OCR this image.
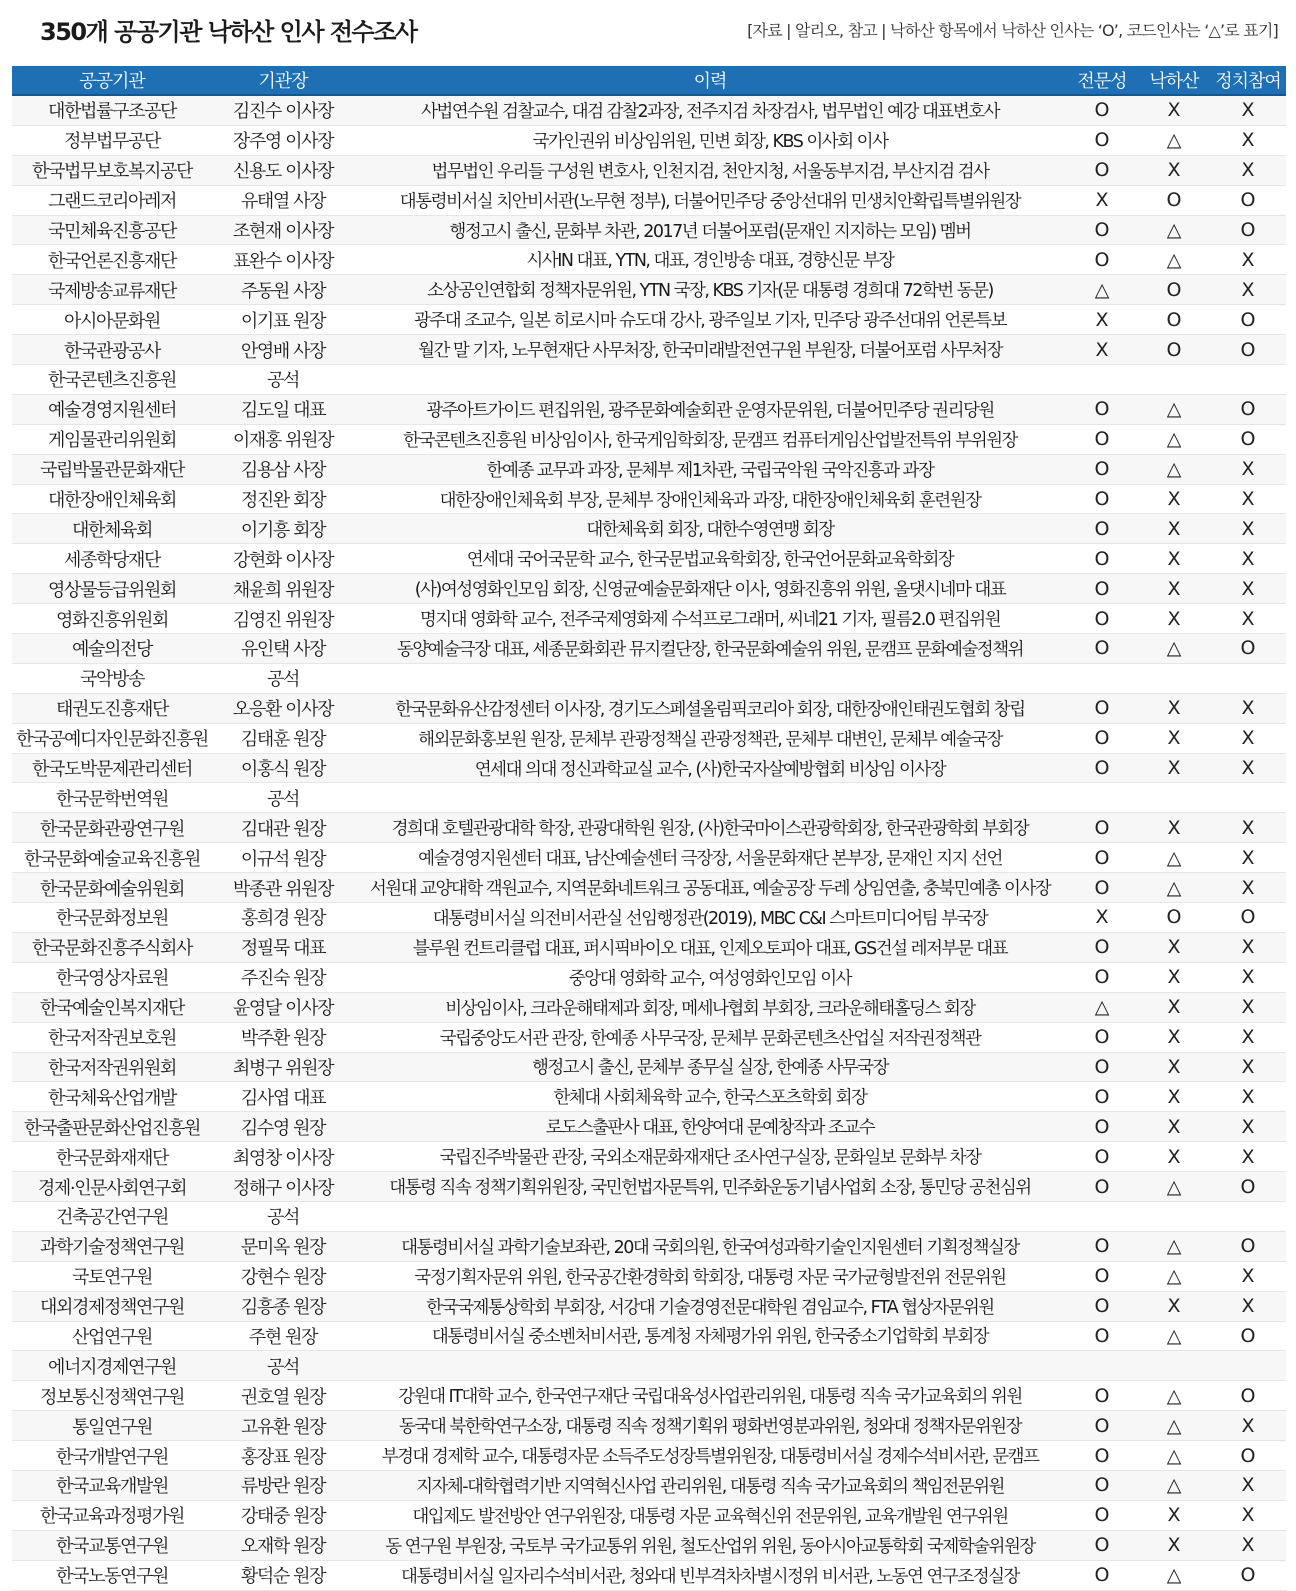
350개 공공기관 낙하산 인사 전수조사	[자료 | 알리오, 참고 | 낙하산 항목에서 낙하산 인사는 ‘O’, 코드인사는 ‘△’로 표기]
공공기관	기관장	이력	전문성	낙하산	정치참여
대한법률구조공단	김진수 이사장	사법연수원 검찰교수, 대검 감찰2과장, 전주지검 차장검사, 법무법인 예강 대표변호사	O	X	X
정부법무공단	장주영 이사장	국가인권위 비상임위원, 민변 회장, KBS 이사회 이사	O	△	X
한국법무보호복지공단	신용도 이사장	법무법인 우리들 구성원 변호사, 인천지검, 천안지청, 서울동부지검, 부산지검 검사	O	X	X
그랜드코리아레저	유태열 사장	대통령비서실 치안비서관(노무현 정부), 더불어민주당 중앙선대위 민생치안확립특별위원장	X	O	O
국민체육진흥공단	조현재 이사장	행정고시 출신, 문화부 차관, 2017년 더불어포럼(문재인 지지하는 모임) 멤버	O	△	O
한국언론진흥재단	표완수 이사장	시사IN 대표, YTN, 대표, 경인방송 대표, 경향신문 부장	O	△	X
국제방송교류재단	주동원 사장	소상공인연합회 정책자문위원, YTN 국장, KBS 기자(문 대통령 경희대 72학번 동문)	△	O	X
아시아문화원	이기표 원장	광주대 조교수, 일본 히로시마 슈도대 강사, 광주일보 기자, 민주당 광주선대위 언론특보	X	O	O
한국관광공사	안영배 사장	월간 말 기자, 노무현재단 사무처장, 한국미래발전연구원 부원장, 더불어포럼 사무처장	X	O	O
한국콘텐츠진흥원	공석				
예술경영지원센터	김도일 대표	광주아트가이드 편집위원, 광주문화예술회관 운영자문위원, 더불어민주당 권리당원	O	△	O
게임물관리위원회	이재홍 위원장	한국콘텐츠진흥원 비상임이사, 한국게임학회장, 문캠프 컴퓨터게임산업발전특위 부위원장	O	△	O
국립박물관문화재단	김용삼 사장	한예종 교무과 과장, 문체부 제1차관, 국립국악원 국악진흥과 과장	O	△	X
대한장애인체육회	정진완 회장	대한장애인체육회 부장, 문체부 장애인체육과 과장, 대한장애인체육회 훈련원장	O	X	X
대한체육회	이기흥 회장	대한체육회 회장, 대한수영연맹 회장	O	X	X
세종학당재단	강현화 이사장	연세대 국어국문학 교수, 한국문법교육학회장, 한국언어문화교육학회장	O	X	X
영상물등급위원회	채윤희 위원장	(사)여성영화인모임 회장, 신영균예술문화재단 이사, 영화진흥위 위원, 올댓시네마 대표	O	X	X
영화진흥위원회	김영진 위원장	명지대 영화학 교수, 전주국제영화제 수석프로그래머, 씨네21 기자, 필름2.0 편집위원	O	X	X
예술의전당	유인택 사장	동양예술극장 대표, 세종문화회관 뮤지컬단장, 한국문화예술위 위원, 문캠프 문화예술정책위	O	△	O
국악방송	공석				
태권도진흥재단	오응환 이사장	한국문화유산감정센터 이사장, 경기도스페셜올림픽코리아 회장, 대한장애인태권도협회 창립	O	X	X
한국공예디자인문화진흥원	김태훈 원장	해외문화홍보원 원장, 문체부 관광정책실 관광정책관, 문체부 대변인, 문체부 예술국장	O	X	X
한국도박문제관리센터	이홍식 원장	연세대 의대 정신과학교실 교수, (사)한국자살예방협회 비상임 이사장	O	X	X
한국문학번역원	공석				
한국문화관광연구원	김대관 원장	경희대 호텔관광대학 학장, 관광대학원 원장, (사)한국마이스관광학회장, 한국관광학회 부회장	O	X	X
한국문화예술교육진흥원	이규석 원장	예술경영지원센터 대표, 남산예술센터 극장장, 서울문화재단 본부장, 문재인 지지 선언	O	△	X
한국문화예술위원회	박종관 위원장	서원대 교양대학 객원교수, 지역문화네트워크 공동대표, 예술공장 두레 상임연출, 충북민예총 이사장	O	△	X
한국문화정보원	홍희경 원장	대통령비서실 의전비서관실 선임행정관(2019), MBC C&I 스마트미디어팀 부국장	X	O	O
한국문화진흥주식회사	정필묵 대표	블루원 컨트리클럽 대표, 퍼시픽바이오 대표, 인제오토피아 대표, GS건설 레저부문 대표	O	X	X
한국영상자료원	주진숙 원장	중앙대 영화학 교수, 여성영화인모임 이사	O	X	X
한국예술인복지재단	윤영달 이사장	비상임이사, 크라운해태제과 회장, 메세나협회 부회장, 크라운해태홀딩스 회장	△	X	X
한국저작권보호원	박주환 원장	국립중앙도서관 관장, 한예종 사무국장, 문체부 문화콘텐츠산업실 저작권정책관	O	X	X
한국저작권위원회	최병구 위원장	행정고시 출신, 문체부 종무실 실장, 한예종 사무국장	O	X	X
한국체육산업개발	김사엽 대표	한체대 사회체육학 교수, 한국스포츠학회 회장	O	X	X
한국출판문화산업진흥원	김수영 원장	로도스출판사 대표, 한양여대 문예창작과 조교수	O	X	X
한국문화재재단	최영창 이사장	국립진주박물관 관장, 국외소재문화재재단 조사연구실장, 문화일보 문화부 차장	O	X	X
경제·인문사회연구회	정해구 이사장	대통령 직속 정책기획위원장, 국민헌법자문특위, 민주화운동기념사업회 소장, 통민당 공천심위	O	△	O
건축공간연구원	공석				
과학기술정책연구원	문미옥 원장	대통령비서실 과학기술보좌관, 20대 국회의원, 한국여성과학기술인지원센터 기획정책실장	O	△	O
국토연구원	강현수 원장	국정기획자문위 위원, 한국공간환경학회 학회장, 대통령 자문 국가균형발전위 전문위원	O	△	X
대외경제정책연구원	김흥종 원장	한국국제통상학회 부회장, 서강대 기술경영전문대학원 겸임교수, FTA 협상자문위원	O	X	X
산업연구원	주현 원장	대통령비서실 중소벤처비서관, 통계청 자체평가위 위원, 한국중소기업학회 부회장	O	△	O
에너지경제연구원	공석				
정보통신정책연구원	권호열 원장	강원대 IT대학 교수, 한국연구재단 국립대육성사업관리위원, 대통령 직속 국가교육회의 위원	O	△	O
통일연구원	고유환 원장	동국대 북한학연구소장, 대통령 직속 정책기획위 평화번영분과위원, 청와대 정책자문위원장	O	△	X
한국개발연구원	홍장표 원장	부경대 경제학 교수, 대통령자문 소득주도성장특별위원장, 대통령비서실 경제수석비서관, 문캠프	O	△	O
한국교육개발원	류방란 원장	지자체-대학협력기반 지역혁신사업 관리위원, 대통령 직속 국가교육회의 책임전문위원	O	△	X
한국교육과정평가원	강태중 원장	대입제도 발전방안 연구위원장, 대통령 자문 교육혁신위 전문위원, 교육개발원 연구위원	O	X	X
한국교통연구원	오재학 원장	동 연구원 부원장, 국토부 국가교통위 위원, 철도산업위 위원, 동아시아교통학회 국제학술위원장	O	X	X
한국노동연구원	황덕순 원장	대통령비서실 일자리수석비서관, 청와대 빈부격차차별시정위 비서관, 노동연 연구조정실장	O	△	O
